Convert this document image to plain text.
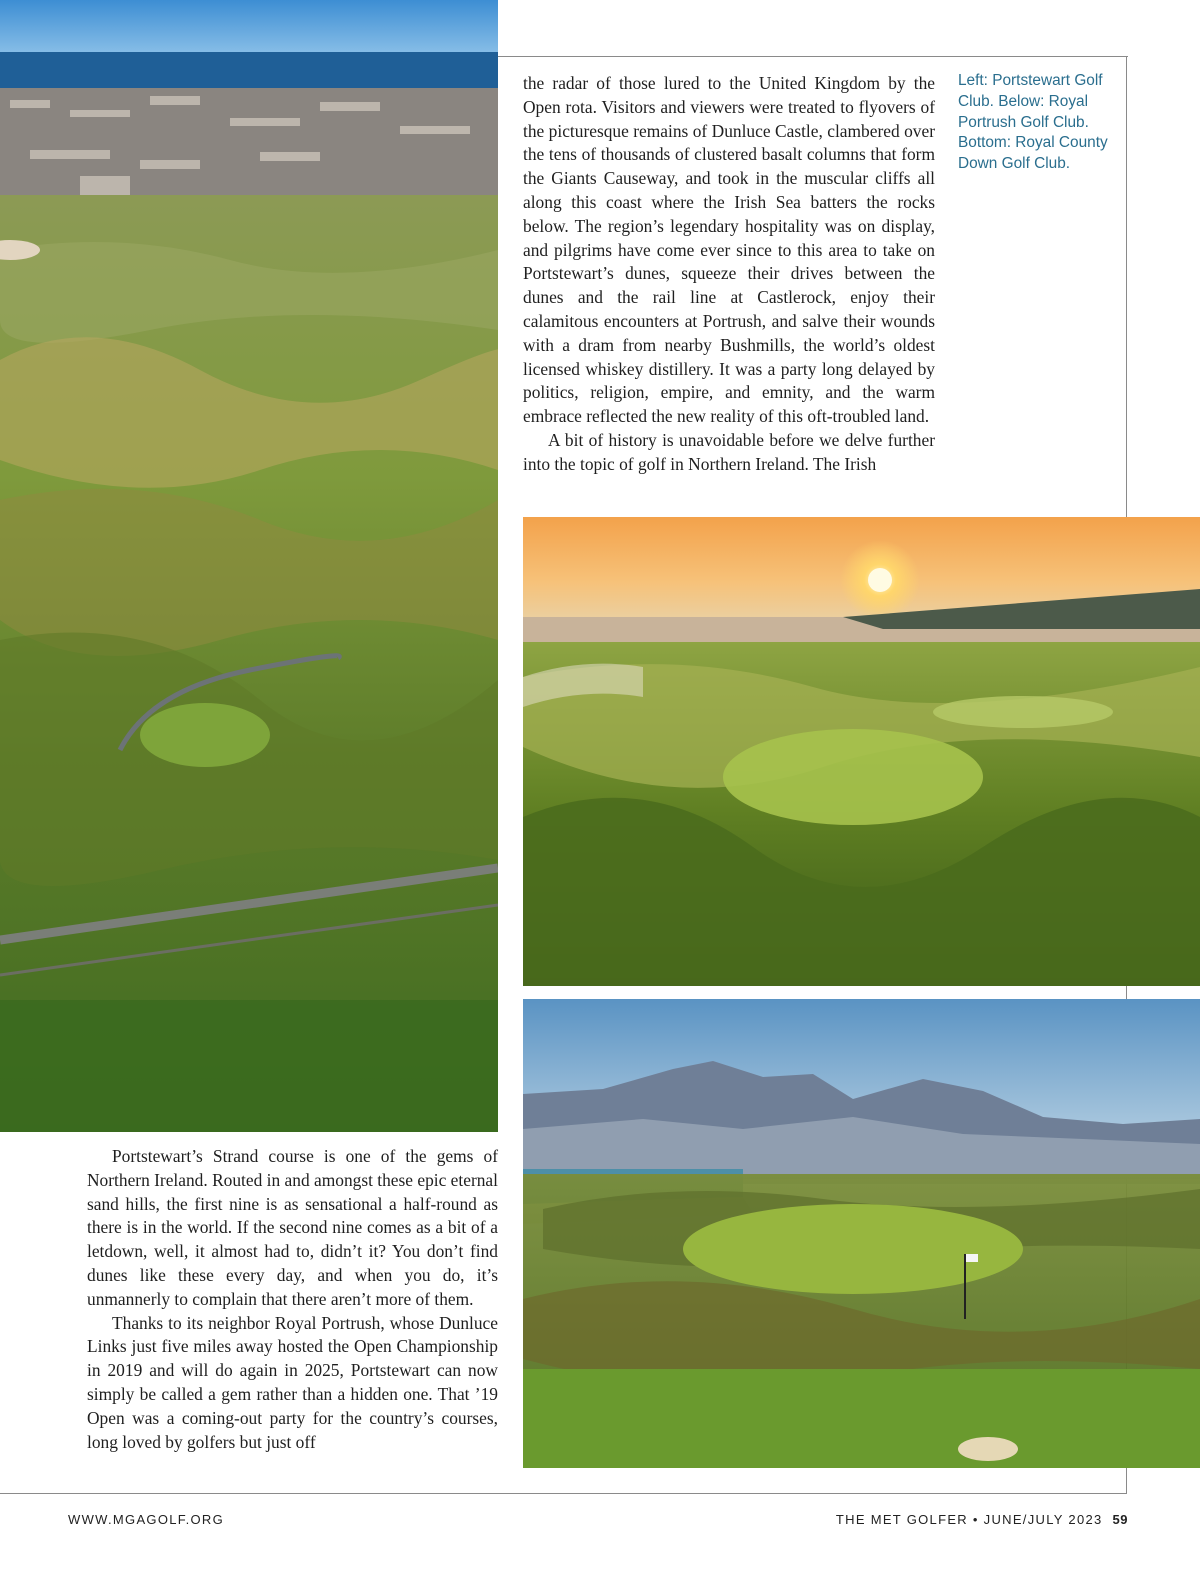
Left: Portstewart Golf Club. Below: Royal Portrush Golf Club. Bottom: Royal County Down Golf Club.

the radar of those lured to the United Kingdom by the Open rota. Visitors and viewers were treated to flyovers of the picturesque remains of Dunluce Castle, clambered over the tens of thousands of clustered basalt columns that form the Giants Causeway, and took in the muscular cliffs all along this coast where the Irish Sea batters the rocks below. The region’s legendary hospitality was on display, and pilgrims have come ever since to this area to take on Portstewart’s dunes, squeeze their drives between the dunes and the rail line at Castlerock, enjoy their calamitous encounters at Portrush, and salve their wounds with a dram from nearby Bushmills, the world’s oldest licensed whiskey distillery. It was a party long delayed by politics, religion, empire, and emnity, and the warm embrace reflected the new reality of this oft-troubled land.

A bit of history is unavoidable before we delve further into the topic of golf in Northern Ireland. The Irish

Portstewart’s Strand course is one of the gems of Northern Ireland. Routed in and amongst these epic eternal sand hills, the first nine is as sensational a half-round as there is in the world. If the second nine comes as a bit of a letdown, well, it almost had to, didn’t it? You don’t find dunes like these every day, and when you do, it’s unmannerly to complain that there aren’t more of them.

Thanks to its neighbor Royal Portrush, whose Dunluce Links just five miles away hosted the Open Championship in 2019 and will do again in 2025, Portstewart can now simply be called a gem rather than a hidden one. That ’19 Open was a coming-out party for the country’s courses, long loved by golfers but just off

WWW.MGAGOLF.ORG	THE MET GOLFER • JUNE/JULY 2023 59
